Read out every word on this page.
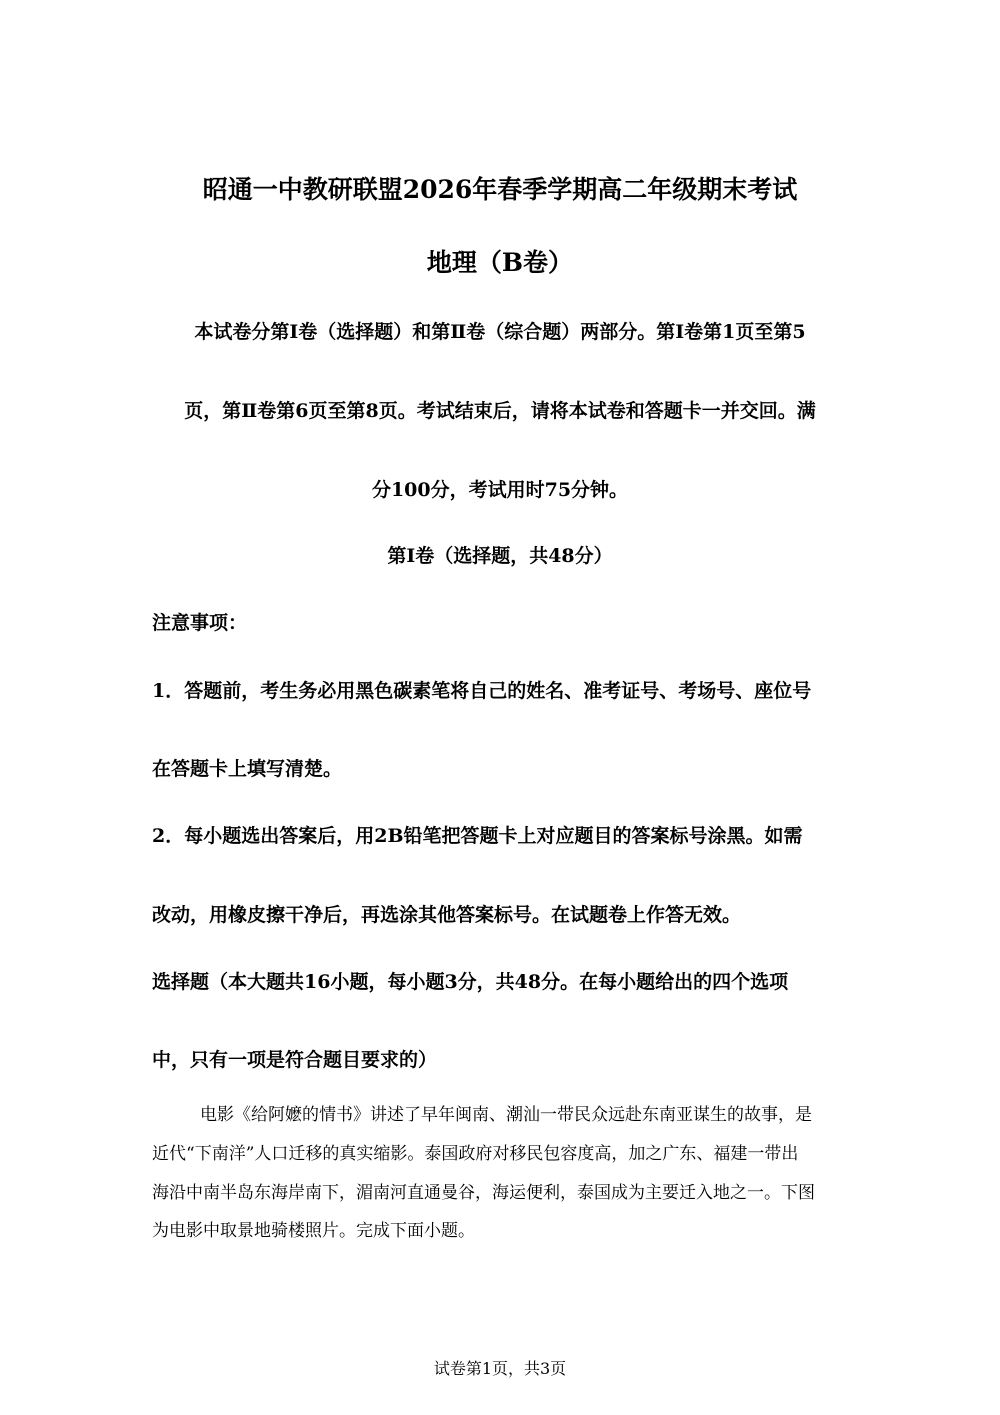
昭通一中教研联盟2026年春季学期高二年级期末考试
地理（B卷）
本试卷分第Ⅰ卷（选择题）和第Ⅱ卷（综合题）两部分。第Ⅰ卷第1页至第5
页，第Ⅱ卷第6页至第8页。考试结束后，请将本试卷和答题卡一并交回。满
分100分，考试用时75分钟。
第Ⅰ卷（选择题，共48分）
注意事项：
1．答题前，考生务必用黑色碳素笔将自己的姓名、准考证号、考场号、座位号
在答题卡上填写清楚。
2．每小题选出答案后，用2B铅笔把答题卡上对应题目的答案标号涂黑。如需
改动，用橡皮擦干净后，再选涂其他答案标号。在试题卷上作答无效。
选择题（本大题共16小题，每小题3分，共48分。在每小题给出的四个选项
中，只有一项是符合题目要求的）
电影《给阿嬷的情书》讲述了早年闽南、潮汕一带民众远赴东南亚谋生的故事，是
近代“下南洋”人口迁移的真实缩影。泰国政府对移民包容度高，加之广东、福建一带出
海沿中南半岛东海岸南下，湄南河直通曼谷，海运便利，泰国成为主要迁入地之一。下图
为电影中取景地骑楼照片。完成下面小题。
试卷第1页，共3页
